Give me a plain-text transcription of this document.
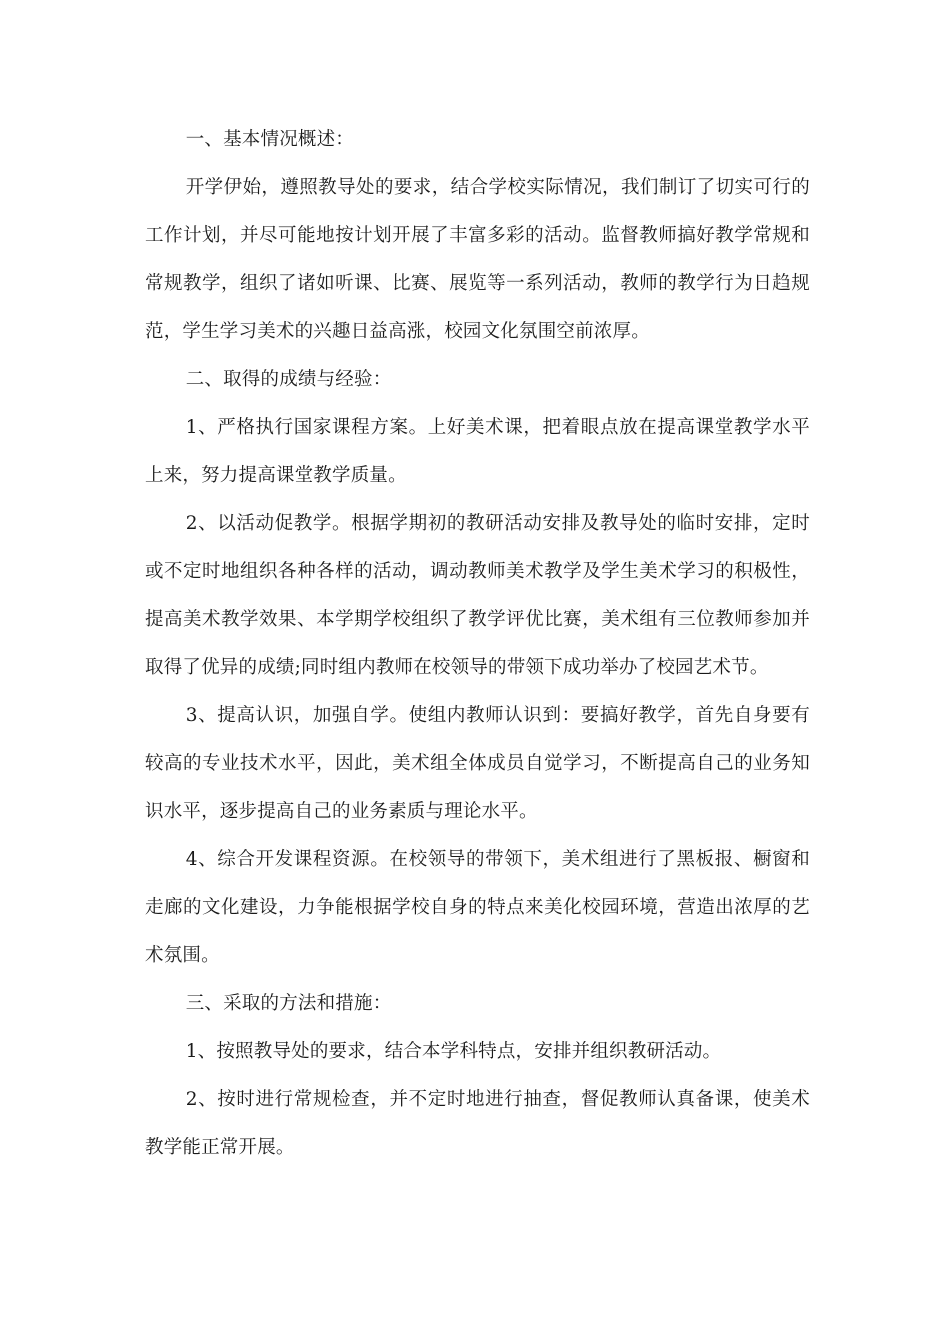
一、基本情况概述：

开学伊始，遵照教导处的要求，结合学校实际情况，我们制订了切实可行的工作计划，并尽可能地按计划开展了丰富多彩的活动。监督教师搞好教学常规和常规教学，组织了诸如听课、比赛、展览等一系列活动，教师的教学行为日趋规范，学生学习美术的兴趣日益高涨，校园文化氛围空前浓厚。

二、取得的成绩与经验：

1、严格执行国家课程方案。上好美术课，把着眼点放在提高课堂教学水平上来，努力提高课堂教学质量。

2、以活动促教学。根据学期初的教研活动安排及教导处的临时安排，定时或不定时地组织各种各样的活动，调动教师美术教学及学生美术学习的积极性，提高美术教学效果、本学期学校组织了教学评优比赛，美术组有三位教师参加并取得了优异的成绩;同时组内教师在校领导的带领下成功举办了校园艺术节。

3、提高认识，加强自学。使组内教师认识到：要搞好教学，首先自身要有较高的专业技术水平，因此，美术组全体成员自觉学习，不断提高自己的业务知识水平，逐步提高自己的业务素质与理论水平。

4、综合开发课程资源。在校领导的带领下，美术组进行了黑板报、橱窗和走廊的文化建设，力争能根据学校自身的特点来美化校园环境，营造出浓厚的艺术氛围。

三、采取的方法和措施：

1、按照教导处的要求，结合本学科特点，安排并组织教研活动。

2、按时进行常规检查，并不定时地进行抽查，督促教师认真备课，使美术教学能正常开展。
